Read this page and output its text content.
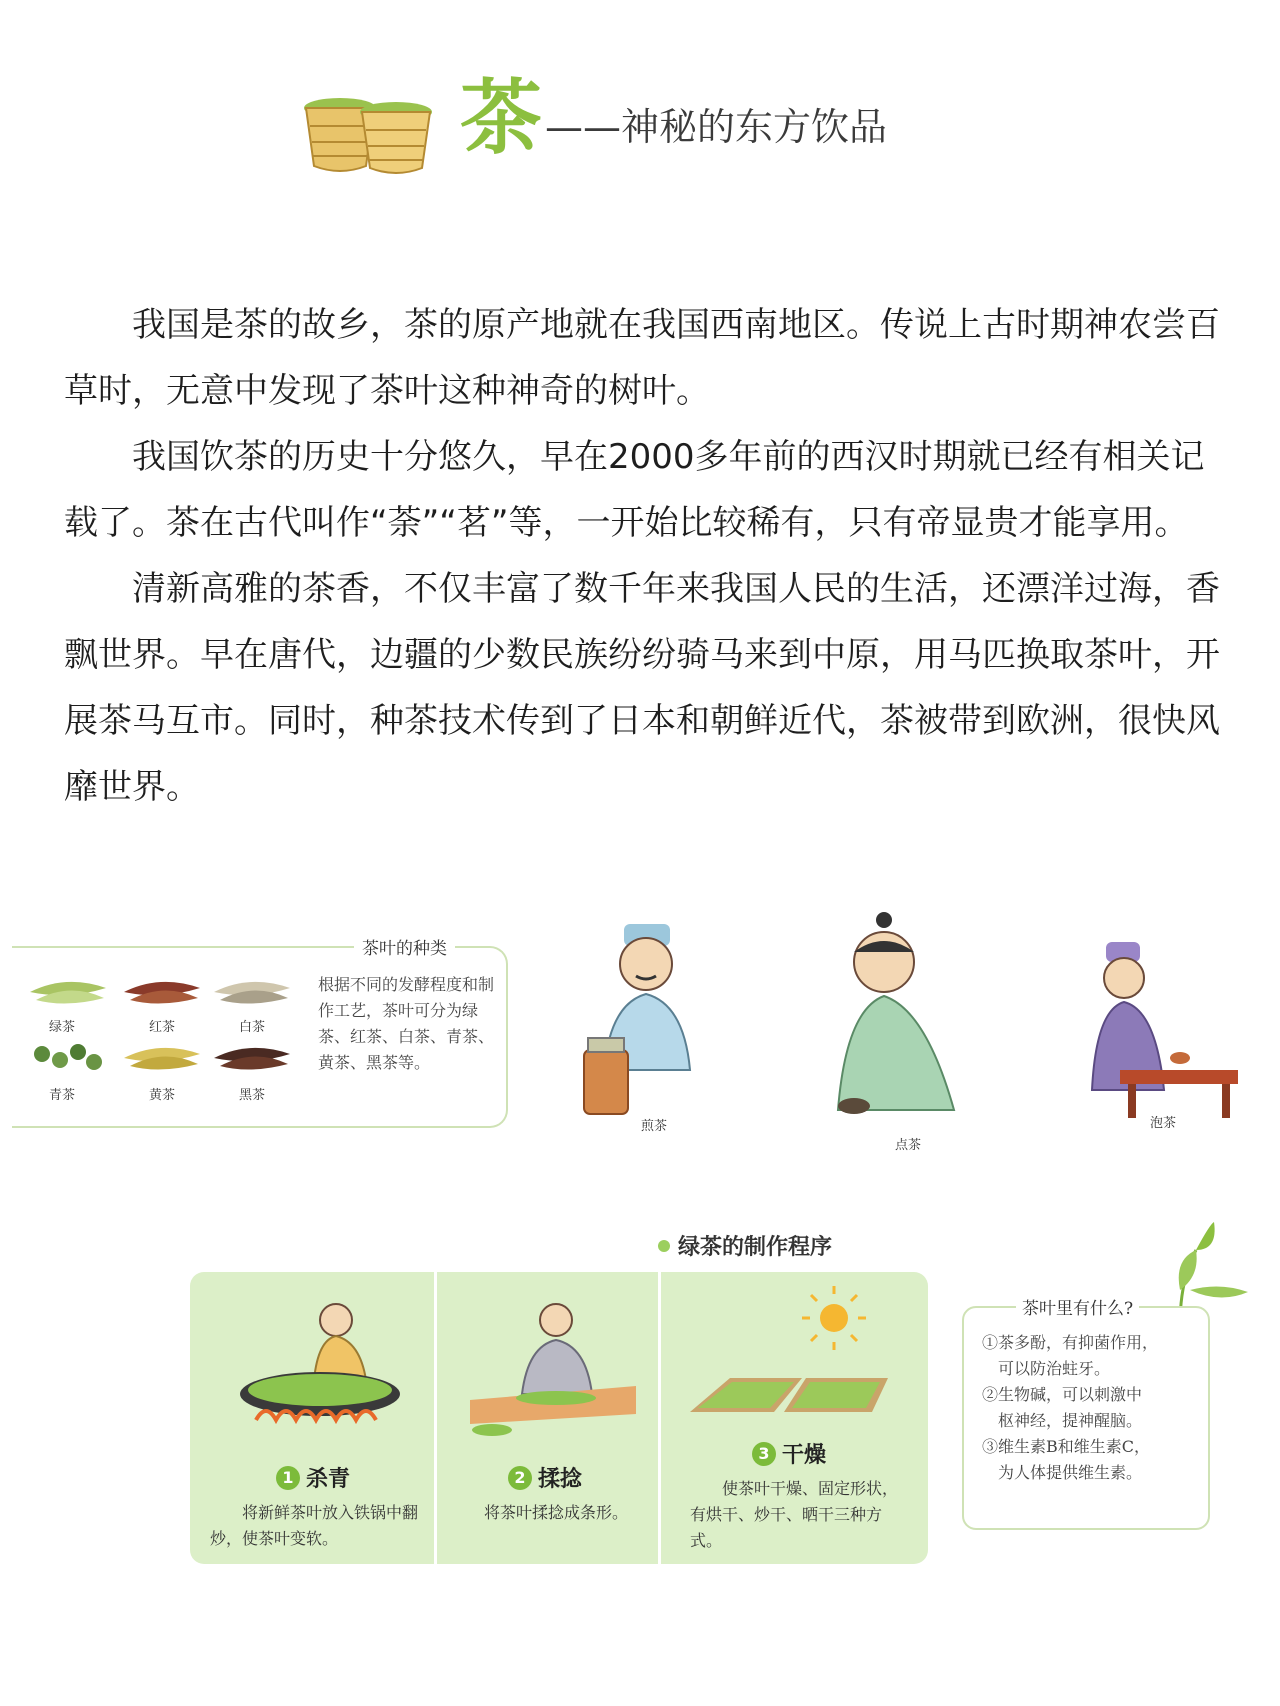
茶 ——神秘的东方饮品

我国是茶的故乡，茶的原产地就在我国西南地区。传说上古时期神农尝百草时，无意中发现了茶叶这种神奇的树叶。

我国饮茶的历史十分悠久，早在2000多年前的西汉时期就已经有相关记载了。茶在古代叫作“荼”“茗”等，一开始比较稀有，只有帝显贵才能享用。

清新高雅的茶香，不仅丰富了数千年来我国人民的生活，还漂洋过海，香飘世界。早在唐代，边疆的少数民族纷纷骑马来到中原，用马匹换取茶叶，开展茶马互市。同时，种茶技术传到了日本和朝鲜近代，茶被带到欧洲，很快风靡世界。

茶叶的种类
根据不同的发酵程度和制作工艺，茶叶可分为绿茶、红茶、白茶、青茶、黄茶、黑茶等。
绿茶	红茶	白茶
青茶	黄茶	黑茶
煎茶
点茶
泡茶
绿茶的制作程序
1 杀青
将新鲜茶叶放入铁锅中翻炒，使茶叶变软。
2 揉捻
将茶叶揉捻成条形。
3 干燥
使茶叶干燥、固定形状，有烘干、炒干、晒干三种方式。
茶叶里有什么?
①茶多酚，有抑菌作用，
　可以防治蛀牙。
②生物碱，可以刺激中
　枢神经，提神醒脑。
③维生素B和维生素C，
　为人体提供维生素。
